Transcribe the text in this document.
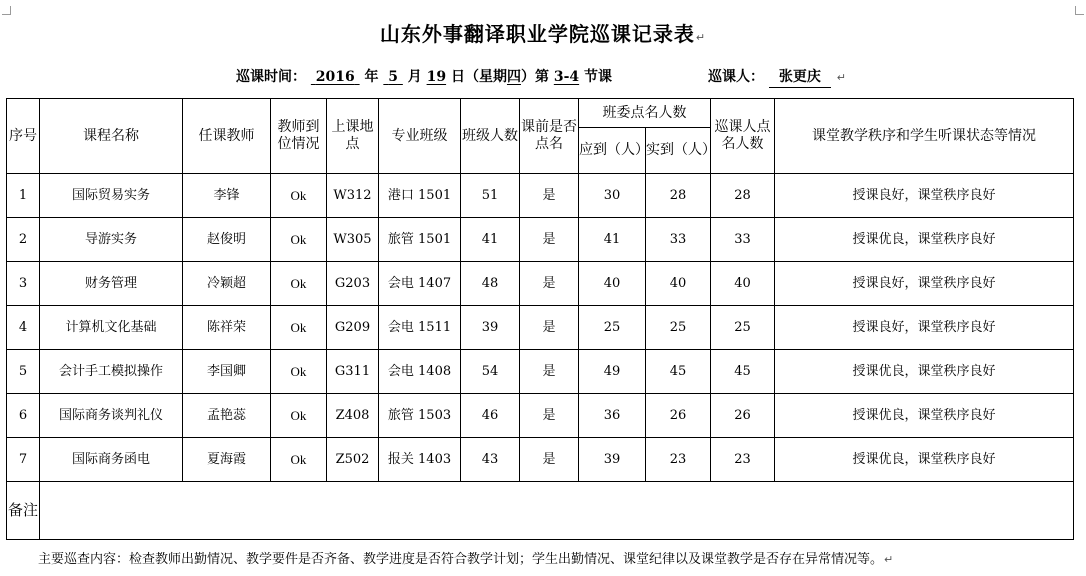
山东外事翻译职业学院巡课记录表↵
巡课时间： 2016 年 5 月 19 日（星期四）第 3-4 节课	巡课人： 张更庆 ↵
序号	课程名称	任课教师	教师到位情况	上课地点	专业班级	班级人数	课前是否点名	班委点名人数		巡课人点名人数	课堂教学秩序和学生听课状态等情况
								应到（人）	实到（人）		
1	国际贸易实务	李锋	Ok	W312	港口 1501	51	是	30	28	28	授课良好，课堂秩序良好
2	导游实务	赵俊明	Ok	W305	旅管 1501	41	是	41	33	33	授课优良，课堂秩序良好
3	财务管理	冷颖超	Ok	G203	会电 1407	48	是	40	40	40	授课良好，课堂秩序良好
4	计算机文化基础	陈祥荣	Ok	G209	会电 1511	39	是	25	25	25	授课良好，课堂秩序良好
5	会计手工模拟操作	李国卿	Ok	G311	会电 1408	54	是	49	45	45	授课优良，课堂秩序良好
6	国际商务谈判礼仪	孟艳蕊	Ok	Z408	旅管 1503	46	是	36	26	26	授课优良，课堂秩序良好
7	国际商务函电	夏海霞	Ok	Z502	报关 1403	43	是	39	23	23	授课优良，课堂秩序良好
备注											
主要巡查内容：检查教师出勤情况、教学要件是否齐备、教学进度是否符合教学计划；学生出勤情况、课堂纪律以及课堂教学是否存在异常情况等。↵
